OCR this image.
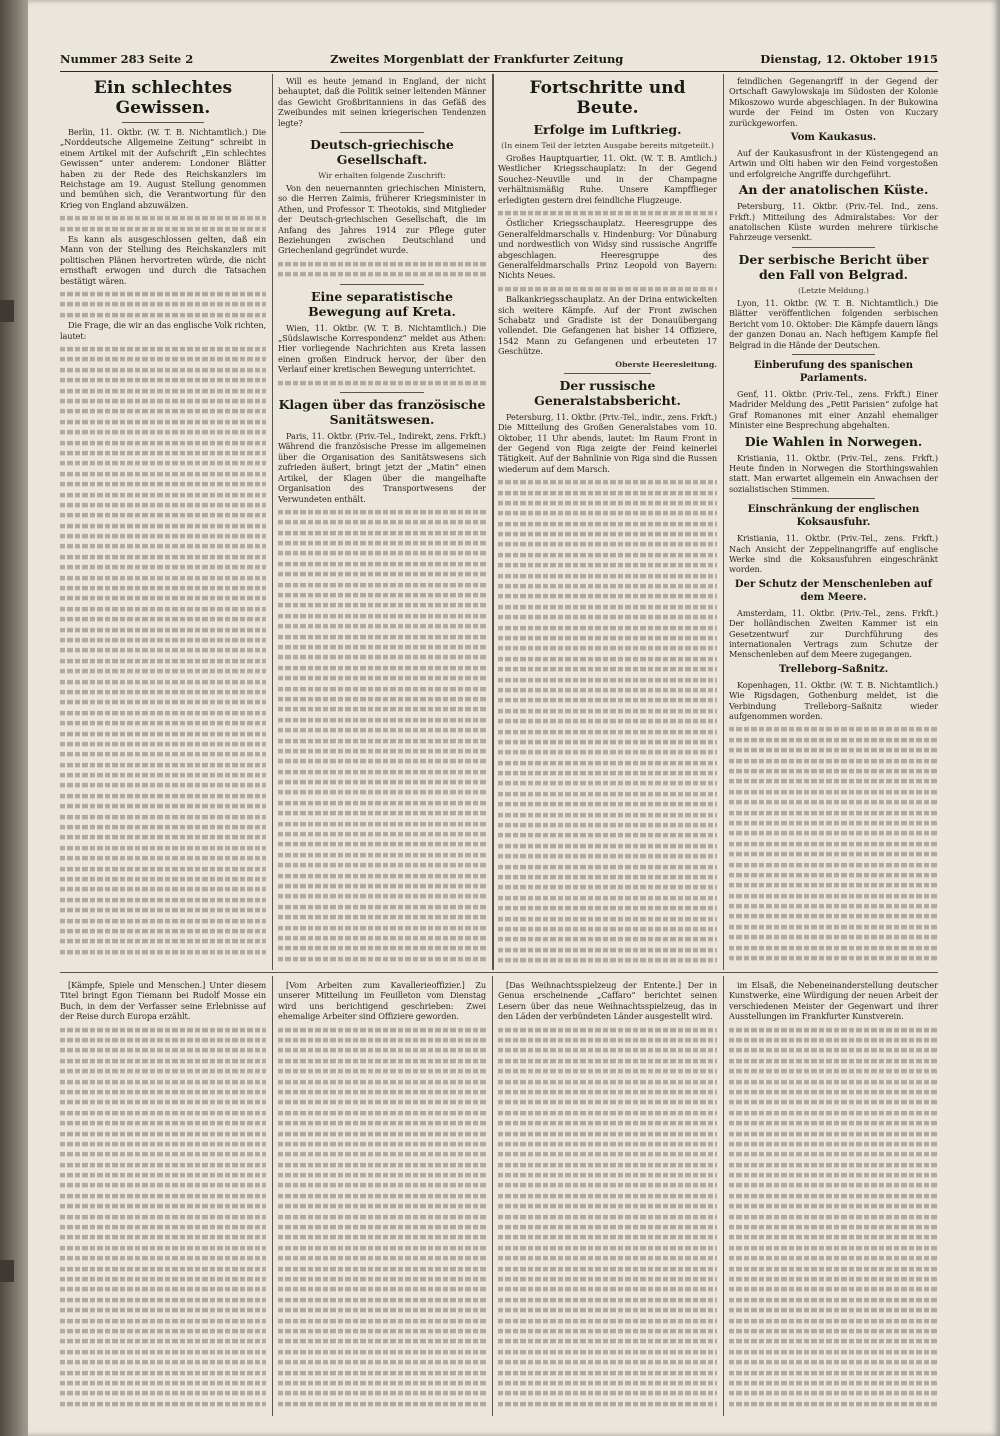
Nummer 283 Seite 2	Zweites Morgenblatt der Frankfurter Zeitung	Dienstag, 12. Oktober 1915
Ein schlechtes Gewissen.

Berlin, 11. Oktbr. (W. T. B. Nichtamtlich.) Die „Norddeutsche Allgemeine Zeitung“ schreibt in einem Artikel mit der Aufschrift „Ein schlechtes Gewissen“ unter anderem: Londoner Blätter haben zu der Rede des Reichskanzlers im Reichstage am 19. August Stellung genommen und bemühen sich, die Verantwortung für den Krieg von England abzuwälzen.

Es kann als ausgeschlossen gelten, daß ein Mann von der Stellung des Reichskanzlers mit politischen Plänen hervortreten würde, die nicht ernsthaft erwogen und durch die Tatsachen bestätigt wären.

Die Frage, die wir an das englische Volk richten, lautet:

Will es heute jemand in England, der nicht behauptet, daß die Politik seiner leitenden Männer das Gewicht Großbritanniens in das Gefäß des Zweibundes mit seinen kriegerischen Tendenzen legte?

Deutsch-griechische Gesellschaft.
Wir erhalten folgende Zuschrift:

Von den neuernannten griechischen Ministern, so die Herren Zaimis, früherer Kriegsminister in Athen, und Professor T. Theotokis, sind Mitglieder der Deutsch-griechischen Gesellschaft, die im Anfang des Jahres 1914 zur Pflege guter Beziehungen zwischen Deutschland und Griechenland gegründet wurde.

Eine separatistische Bewegung auf Kreta.

Wien, 11. Oktbr. (W. T. B. Nichtamtlich.) Die „Südslawische Korrespondenz“ meldet aus Athen: Hier vorliegende Nachrichten aus Kreta lassen einen großen Eindruck hervor, der über den Verlauf einer kretischen Bewegung unterrichtet.

Klagen über das französische Sanitätswesen.

Paris, 11. Oktbr. (Priv.-Tel., Indirekt, zens. Frkft.) Während die französische Presse im allgemeinen über die Organisation des Sanitätswesens sich zufrieden äußert, bringt jetzt der „Matin“ einen Artikel, der Klagen über die mangelhafte Organisation des Transportwesens der Verwundeten enthält.

Fortschritte und Beute.
Erfolge im Luftkrieg.
(In einem Teil der letzten Ausgabe bereits mitgeteilt.)

Großes Hauptquartier, 11. Okt. (W. T. B. Amtlich.) Westlicher Kriegsschauplatz: In der Gegend Souchez–Neuville und in der Champagne verhältnismäßig Ruhe. Unsere Kampfflieger erledigten gestern drei feindliche Flugzeuge.

Östlicher Kriegsschauplatz. Heeresgruppe des Generalfeldmarschalls v. Hindenburg: Vor Dünaburg und nordwestlich von Widsy sind russische Angriffe abgeschlagen. Heeresgruppe des Generalfeldmarschalls Prinz Leopold von Bayern: Nichts Neues.

Balkankriegsschauplatz. An der Drina entwickelten sich weitere Kämpfe. Auf der Front zwischen Schabatz und Gradiste ist der Donauübergang vollendet. Die Gefangenen hat bisher 14 Offiziere, 1542 Mann zu Gefangenen und erbeuteten 17 Geschütze.

Oberste Heeresleitung.
Der russische Generalstabsbericht.

Petersburg, 11. Oktbr. (Priv.-Tel., indir., zens. Frkft.) Die Mitteilung des Großen Generalstabes vom 10. Oktober, 11 Uhr abends, lautet: Im Raum Front in der Gegend von Riga zeigte der Feind keinerlei Tätigkeit. Auf der Bahnlinie von Riga sind die Russen wiederum auf dem Marsch.

feindlichen Gegenangriff in der Gegend der Ortschaft Gawylowskaja im Südosten der Kolonie Mikoszowo wurde abgeschlagen. In der Bukowina wurde der Feind im Osten von Kuczary zurückgeworfen.

Vom Kaukasus.

Auf der Kaukasusfront in der Küstengegend an Artwin und Olti haben wir den Feind vorgestoßen und erfolgreiche Angriffe durchgeführt.

An der anatolischen Küste.

Petersburg, 11. Oktbr. (Priv.-Tel. Ind., zens. Frkft.) Mitteilung des Admiralstabes: Vor der anatolischen Küste wurden mehrere türkische Fahrzeuge versenkt.

Der serbische Bericht über den Fall von Belgrad.
(Letzte Meldung.)

Lyon, 11. Oktbr. (W. T. B. Nichtamtlich.) Die Blätter veröffentlichen folgenden serbischen Bericht vom 10. Oktober: Die Kämpfe dauern längs der ganzen Donau an. Nach heftigem Kampfe fiel Belgrad in die Hände der Deutschen.

Einberufung des spanischen Parlaments.

Genf, 11. Oktbr. (Priv.-Tel., zens. Frkft.) Einer Madrider Meldung des „Petit Parisien“ zufolge hat Graf Romanones mit einer Anzahl ehemaliger Minister eine Besprechung abgehalten.

Die Wahlen in Norwegen.

Kristiania, 11. Oktbr. (Priv.-Tel., zens. Frkft.) Heute finden in Norwegen die Storthingswahlen statt. Man erwartet allgemein ein Anwachsen der sozialistischen Stimmen.

Einschränkung der englischen Koksausfuhr.

Kristiania, 11. Oktbr. (Priv.-Tel., zens. Frkft.) Nach Ansicht der Zeppelinangriffe auf englische Werke sind die Koksausfuhren eingeschränkt worden.

Der Schutz der Menschenleben auf dem Meere.

Amsterdam, 11. Oktbr. (Priv.-Tel., zens. Frkft.) Der holländischen Zweiten Kammer ist ein Gesetzentwurf zur Durchführung des internationalen Vertrags zum Schutze der Menschenleben auf dem Meere zugegangen.

Trelleborg–Saßnitz.

Kopenhagen, 11. Oktbr. (W. T. B. Nichtamtlich.) Wie Rigsdagen, Gothenburg meldet, ist die Verbindung Trelleborg–Saßnitz wieder aufgenommen worden.

[Kämpfe, Spiele und Menschen.] Unter diesem Titel bringt Egon Tiemann bei Rudolf Mosse ein Buch, in dem der Verfasser seine Erlebnisse auf der Reise durch Europa erzählt.

[Vom Arbeiten zum Kavallerieoffizier.] Zu unserer Mitteilung im Feuilleton vom Dienstag wird uns berichtigend geschrieben: Zwei ehemalige Arbeiter sind Offiziere geworden.

[Das Weihnachtsspielzeug der Entente.] Der in Genua erscheinende „Caffaro“ berichtet seinen Lesern über das neue Weihnachtsspielzeug, das in den Läden der verbündeten Länder ausgestellt wird.

im Elsaß, die Nebeneinanderstellung deutscher Kunstwerke, eine Würdigung der neuen Arbeit der verschiedenen Meister der Gegenwart und ihrer Ausstellungen im Frankfurter Kunstverein.
